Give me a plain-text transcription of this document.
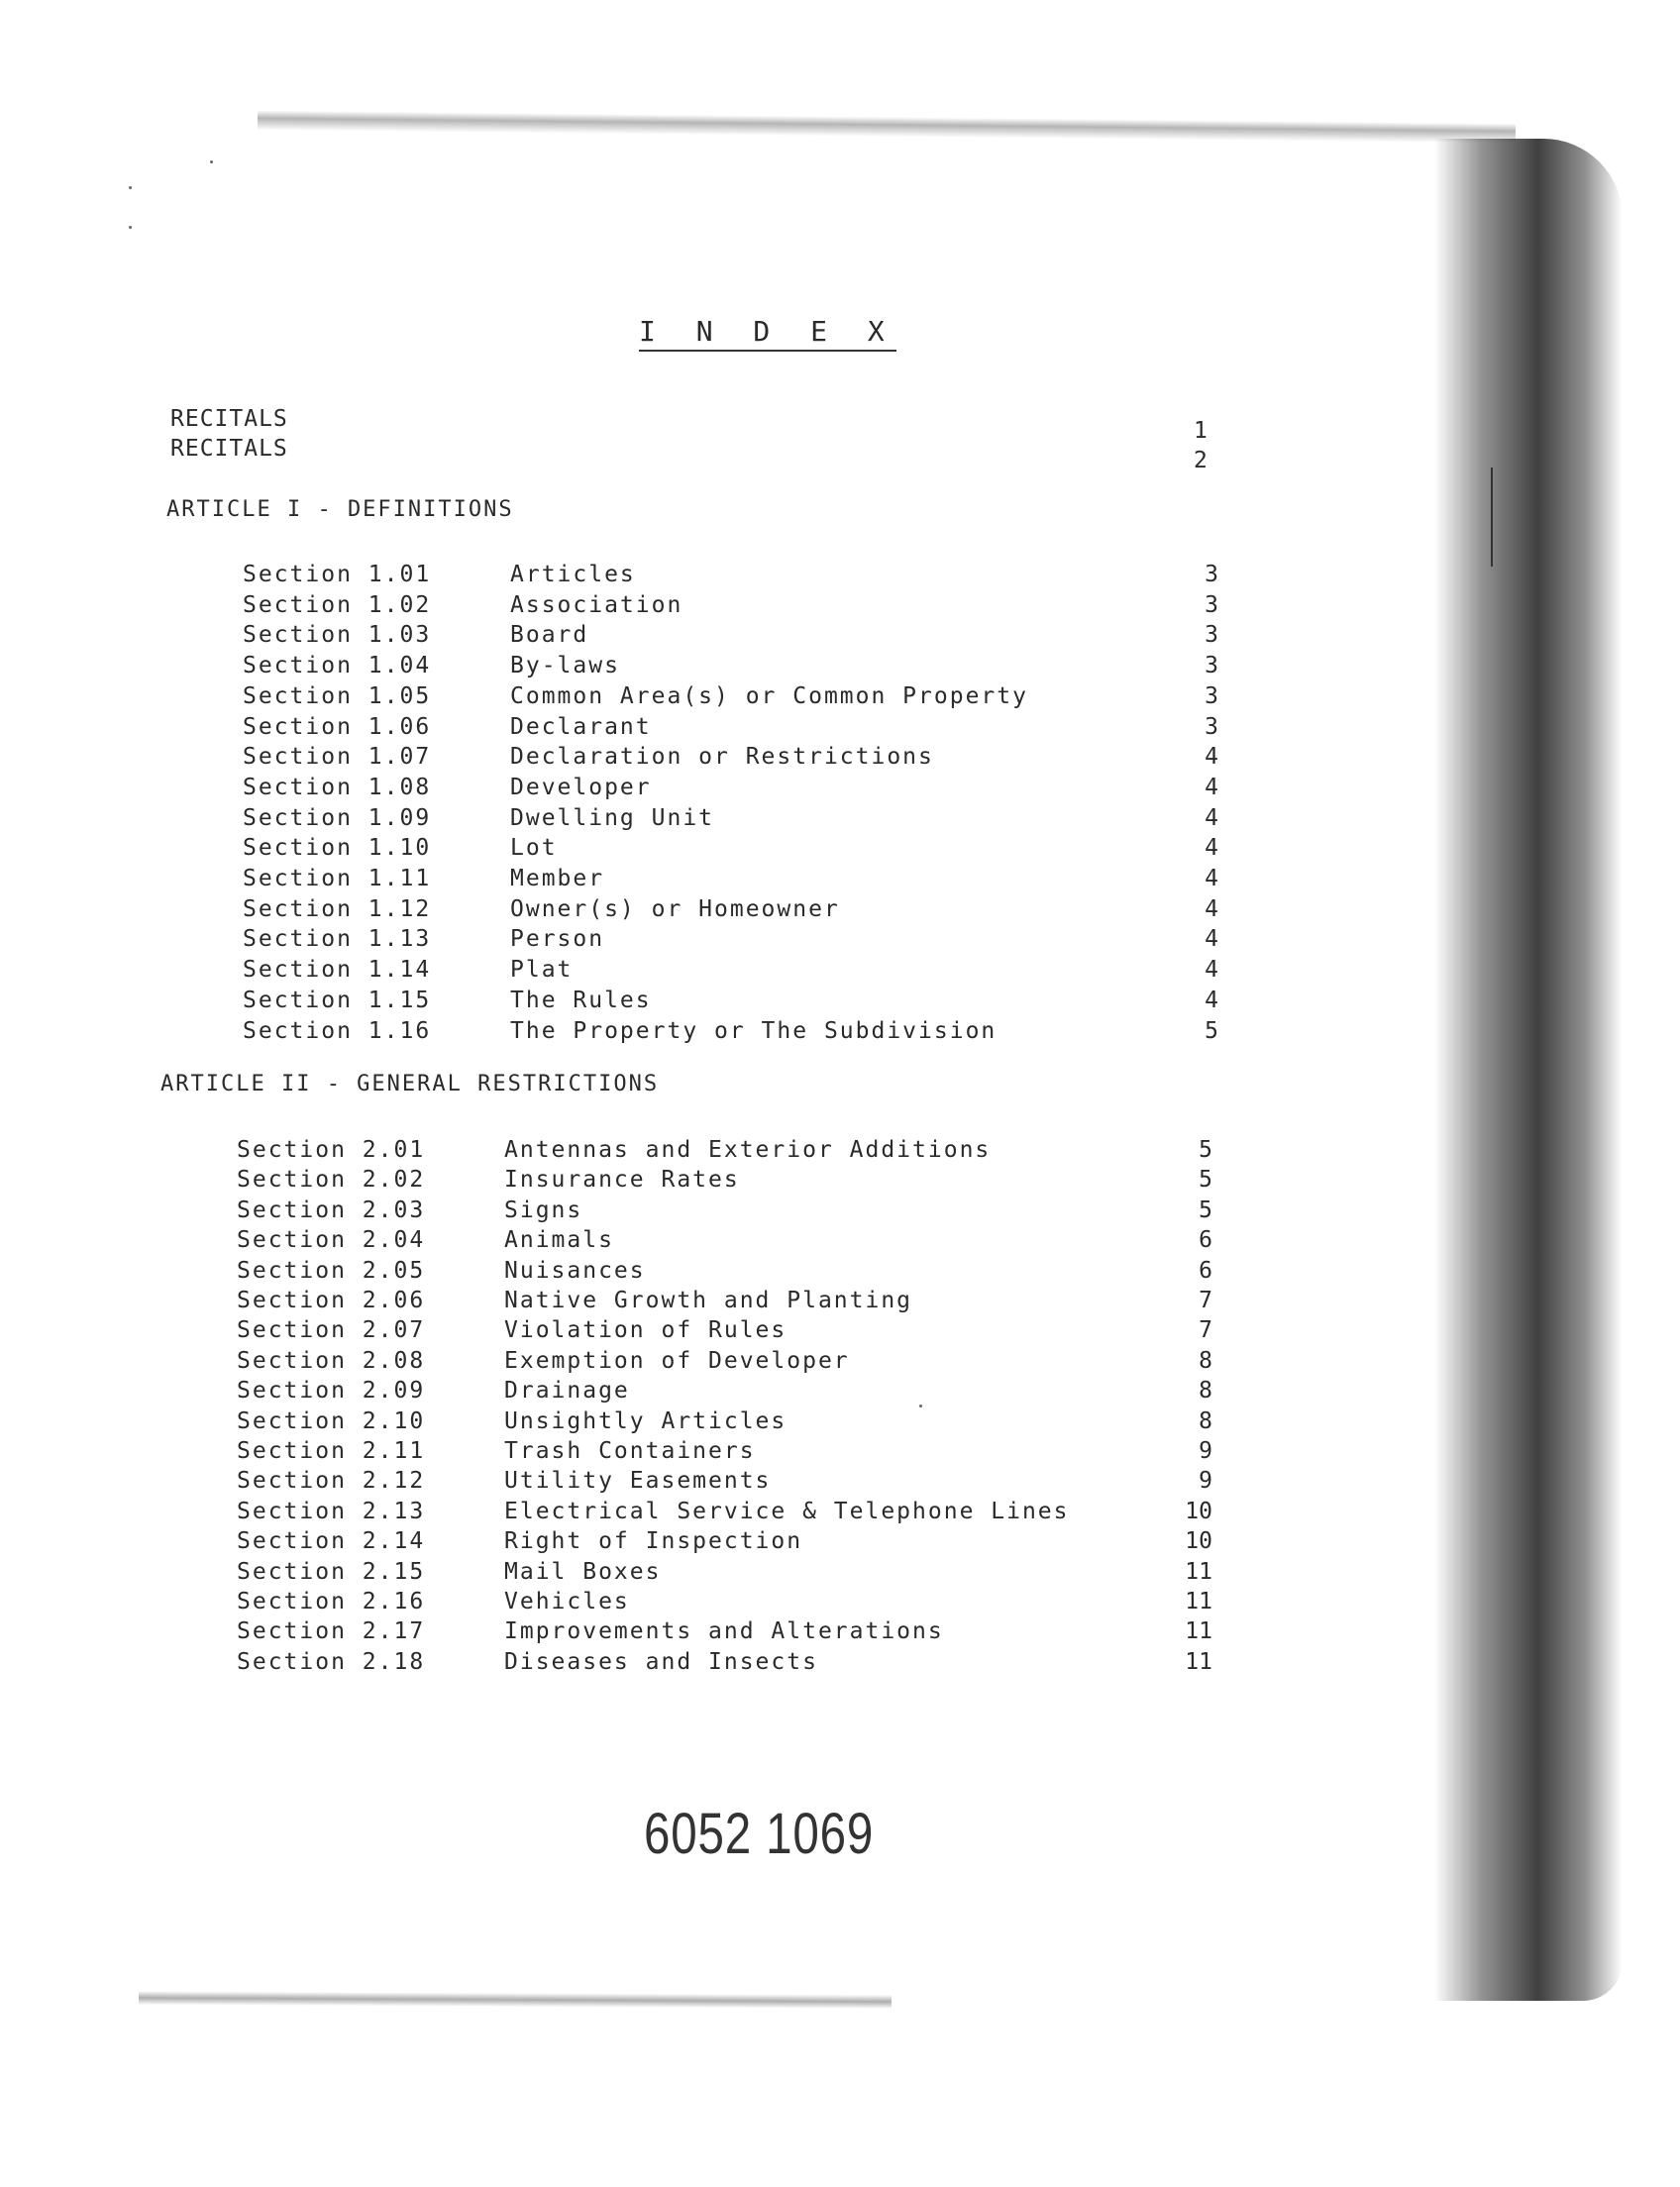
I N D E X
RECITALS	1
RECITALS	2
ARTICLE I - DEFINITIONS
Section 1.01	Articles	3
Section 1.02	Association	3
Section 1.03	Board	3
Section 1.04	By-laws	3
Section 1.05	Common Area(s) or Common Property	3
Section 1.06	Declarant	3
Section 1.07	Declaration or Restrictions	4
Section 1.08	Developer	4
Section 1.09	Dwelling Unit	4
Section 1.10	Lot	4
Section 1.11	Member	4
Section 1.12	Owner(s) or Homeowner	4
Section 1.13	Person	4
Section 1.14	Plat	4
Section 1.15	The Rules	4
Section 1.16	The Property or The Subdivision	5
ARTICLE II - GENERAL RESTRICTIONS
Section 2.01	Antennas and Exterior Additions	5
Section 2.02	Insurance Rates	5
Section 2.03	Signs	5
Section 2.04	Animals	6
Section 2.05	Nuisances	6
Section 2.06	Native Growth and Planting	7
Section 2.07	Violation of Rules	7
Section 2.08	Exemption of Developer	8
Section 2.09	Drainage	8
Section 2.10	Unsightly Articles	8
Section 2.11	Trash Containers	9
Section 2.12	Utility Easements	9
Section 2.13	Electrical Service & Telephone Lines	10
Section 2.14	Right of Inspection	10
Section 2.15	Mail Boxes	11
Section 2.16	Vehicles	11
Section 2.17	Improvements and Alterations	11
Section 2.18	Diseases and Insects	11
6052 1069
